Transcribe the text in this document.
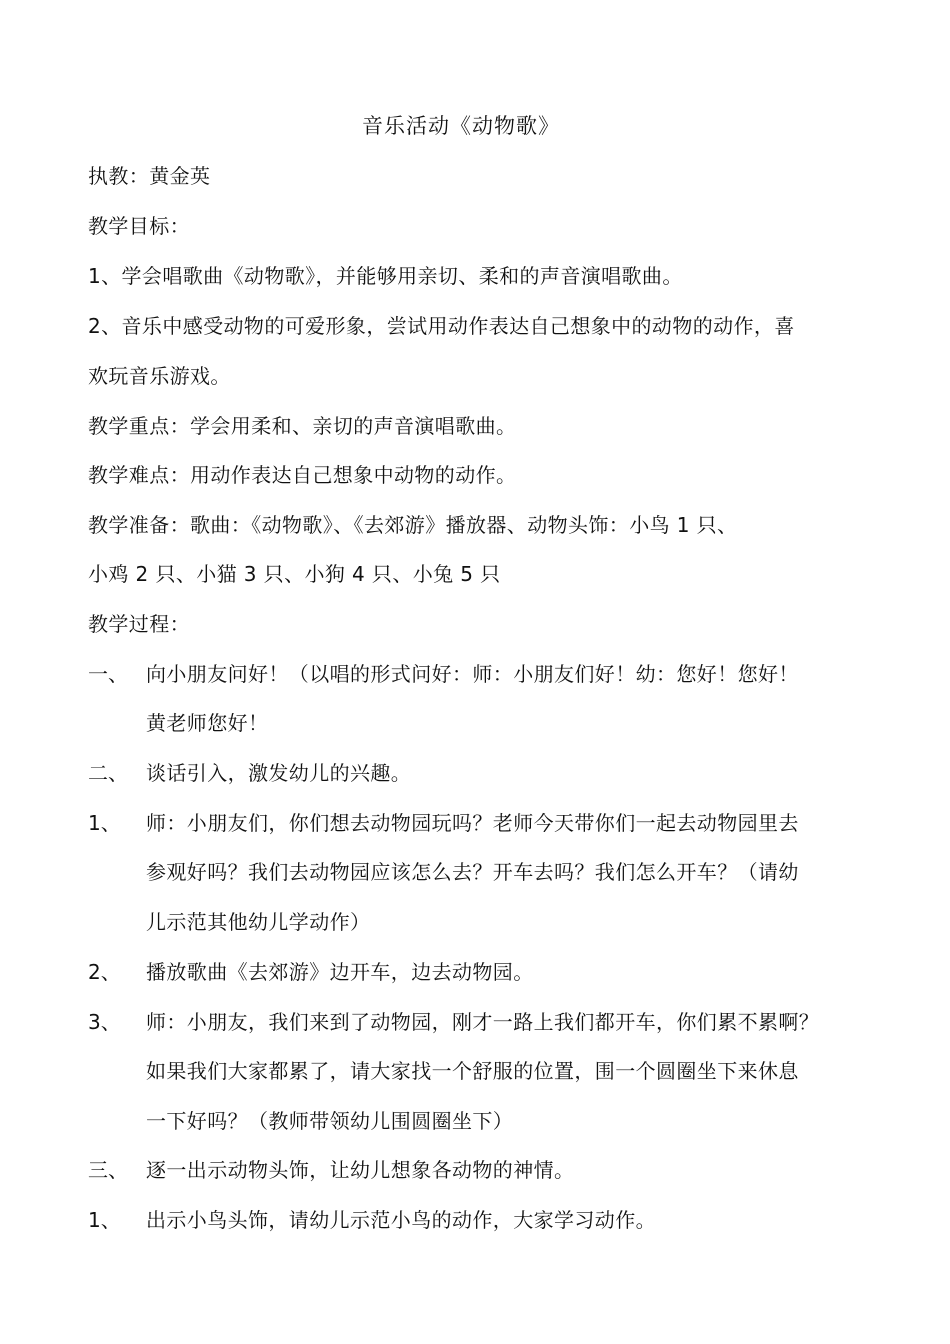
音乐活动《动物歌》
执教：黄金英
教学目标：
1、学会唱歌曲《动物歌》，并能够用亲切、柔和的声音演唱歌曲。
2、音乐中感受动物的可爱形象，尝试用动作表达自己想象中的动物的动作，喜
欢玩音乐游戏。
教学重点：学会用柔和、亲切的声音演唱歌曲。
教学难点：用动作表达自己想象中动物的动作。
教学准备：歌曲：《动物歌》、《去郊游》播放器、动物头饰：小鸟 1 只、
小鸡 2 只、小猫 3 只、小狗 4 只、小兔 5 只
教学过程：
一、 向小朋友问好！（以唱的形式问好：师：小朋友们好！幼：您好！您好！
黄老师您好！
二、 谈话引入，激发幼儿的兴趣。
1、 师：小朋友们，你们想去动物园玩吗？老师今天带你们一起去动物园里去
参观好吗？我们去动物园应该怎么去？开车去吗？我们怎么开车？（请幼
儿示范其他幼儿学动作）
2、 播放歌曲《去郊游》边开车，边去动物园。
3、 师：小朋友，我们来到了动物园，刚才一路上我们都开车，你们累不累啊？
如果我们大家都累了，请大家找一个舒服的位置，围一个圆圈坐下来休息
一下好吗？（教师带领幼儿围圆圈坐下）
三、 逐一出示动物头饰，让幼儿想象各动物的神情。
1、 出示小鸟头饰，请幼儿示范小鸟的动作，大家学习动作。
